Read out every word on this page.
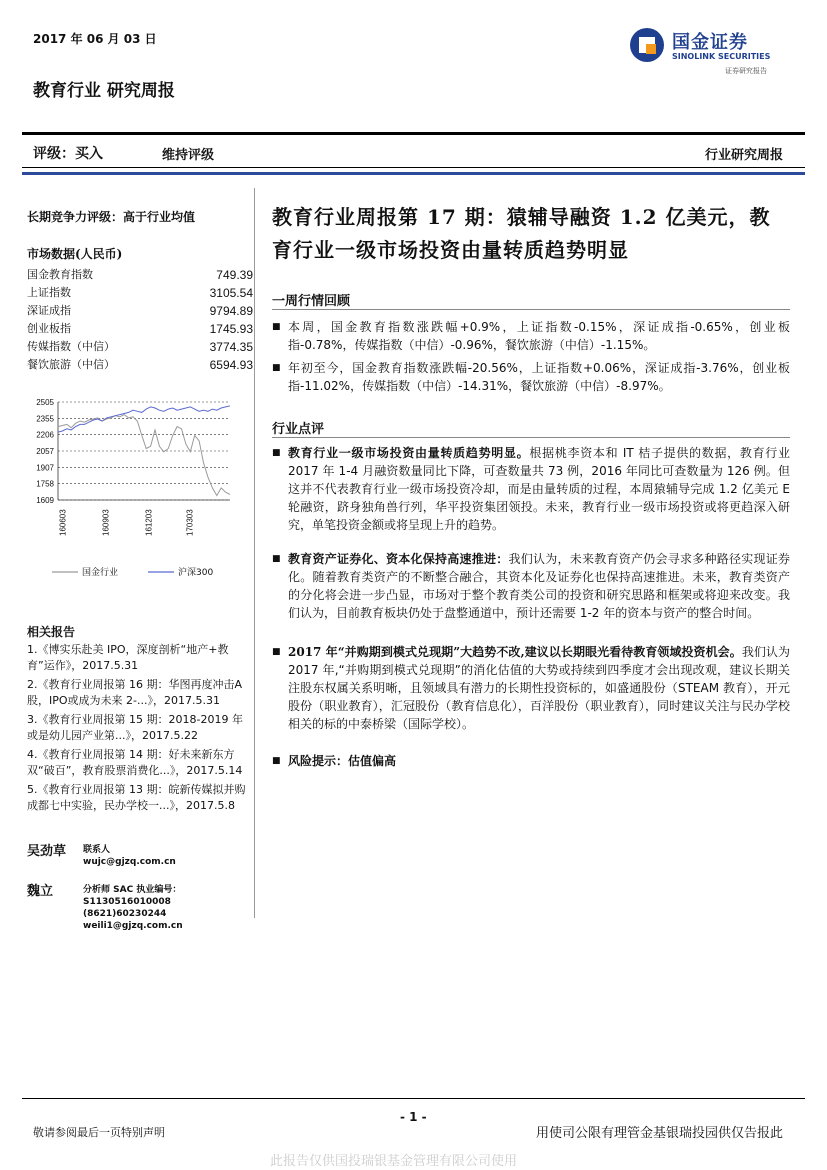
2017 年 06 月 03 日	国金证券
SINOLINK SECURITIES
证券研究报告
教育行业 研究周报
评级：买入	维持评级	行业研究周报
长期竞争力评级：高于行业均值
市场数据(人民币)
国金教育指数	749.39
上证指数	3105.54
深证成指	9794.89
创业板指	1745.93
传媒指数（中信）	3774.35
餐饮旅游（中信）	6594.93
2505
2355
2206
2057
1907
1758
1609
160603	160903	161203	170303
国金行业	沪深300
相关报告
1.《博实乐赴美 IPO，深度剖析“地产+教育”运作》，2017.5.31
2.《教育行业周报第 16 期：华图再度冲击A股，IPO或成为未来 2-...》，2017.5.31
3.《教育行业周报第 15 期：2018-2019 年或是幼儿园产业第...》，2017.5.22
4.《教育行业周报第 14 期：好未来新东方双“破百”，教育股票消费化...》，2017.5.14
5.《教育行业周报第 13 期：皖新传媒拟并购成都七中实验，民办学校一...》，2017.5.8
吴劲草 联系人
wujc@gjzq.com.cn
魏立	分析师 SAC 执业编号：S1130516010008
(8621)60230244
weili1@gjzq.com.cn
教育行业周报第 17 期：猿辅导融资 1.2 亿美元，教育行业一级市场投资由量转质趋势明显
一周行情回顾
■ 本周，国金教育指数涨跌幅+0.9%，上证指数-0.15%，深证成指-0.65%，创业板指-0.78%，传媒指数（中信）-0.96%，餐饮旅游（中信）-1.15%。
■ 年初至今，国金教育指数涨跌幅-20.56%，上证指数+0.06%，深证成指-3.76%，创业板指-11.02%，传媒指数（中信）-14.31%，餐饮旅游（中信）-8.97%。
行业点评
■ 教育行业一级市场投资由量转质趋势明显。根据桃李资本和 IT 桔子提供的数据，教育行业 2017 年 1-4 月融资数量同比下降，可查数量共 73 例，2016 年同比可查数量为 126 例。但这并不代表教育行业一级市场投资冷却，而是由量转质的过程，本周猿辅导完成 1.2 亿美元 E 轮融资，跻身独角兽行列，华平投资集团领投。未来，教育行业一级市场投资或将更趋深入研究，单笔投资金额或将呈现上升的趋势。
■ 教育资产证券化、资本化保持高速推进：我们认为，未来教育资产仍会寻求多种路径实现证券化。随着教育类资产的不断整合融合，其资本化及证券化也保持高速推进。未来，教育类资产的分化将会进一步凸显，市场对于整个教育类公司的投资和研究思路和框架或将迎来改变。我们认为，目前教育板块仍处于盘整通道中，预计还需要 1-2 年的资本与资产的整合时间。
■ 2017 年“并购期到模式兑现期”大趋势不改,建议以长期眼光看待教育领域投资机会。我们认为 2017 年,“并购期到模式兑现期”的消化估值的大势或持续到四季度才会出现改观，建议长期关注股东权属关系明晰，且领域具有潜力的长期性投资标的，如盛通股份（STEAM 教育），开元股份（职业教育），汇冠股份（教育信息化），百洋股份（职业教育），同时建议关注与民办学校相关的标的中泰桥梁（国际学校）。
■ 风险提示：估值偏高
- 1 -
敬请参阅最后一页特别声明	用使司公限有理管金基银瑞投园供仅告报此
此报告仅供国投瑞银基金管理有限公司使用
